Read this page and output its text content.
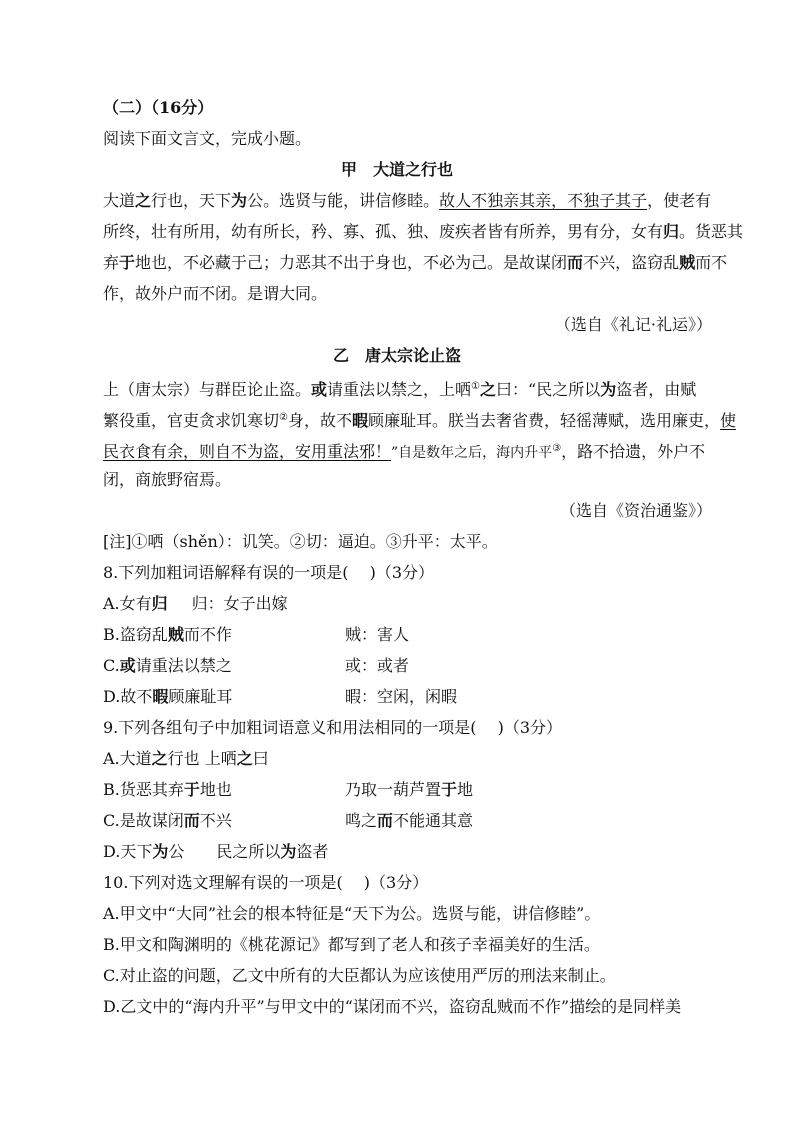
（二）（16分）
阅读下面文言文，完成小题。
甲　大道之行也
大道之行也，天下为公。选贤与能，讲信修睦。故人不独亲其亲，不独子其子，使老有
所终，壮有所用，幼有所长，矜、寡、孤、独、废疾者皆有所养，男有分，女有归。货恶其
弃于地也，不必藏于己；力恶其不出于身也，不必为己。是故谋闭而不兴，盗窃乱贼而不
作，故外户而不闭。是谓大同。
（选自《礼记·礼运》）
乙　唐太宗论止盗
上（唐太宗）与群臣论止盗。或请重法以禁之，上哂①之曰：“民之所以为盗者，由赋
繁役重，官吏贪求饥寒切②身，故不暇顾廉耻耳。朕当去奢省费，轻徭薄赋，选用廉吏，使
民衣食有余，则自不为盗，安用重法邪！”自是数年之后，海内升平③，路不拾遗，外户不
闭，商旅野宿焉。
（选自《资治通鉴》）
[注]①哂（shěn）：讥笑。②切：逼迫。③升平：太平。
8.下列加粗词语解释有误的一项是(　 )（3分）
A.女有归 归：女子出嫁
B.盗窃乱贼而不作	贼：害人
C.或请重法以禁之	或：或者
D.故不暇顾廉耻耳	暇：空闲，闲暇
9.下列各组句子中加粗词语意义和用法相同的一项是(　 )（3分）
A.大道之行也 上哂之曰
B.货恶其弃于地也	乃取一葫芦置于地
C.是故谋闭而不兴	鸣之而不能通其意
D.天下为公　　民之所以为盗者
10.下列对选文理解有误的一项是(　 )（3分）
A.甲文中“大同”社会的根本特征是“天下为公。选贤与能，讲信修睦”。
B.甲文和陶渊明的《桃花源记》都写到了老人和孩子幸福美好的生活。
C.对止盗的问题，乙文中所有的大臣都认为应该使用严厉的刑法来制止。
D.乙文中的“海内升平”与甲文中的“谋闭而不兴，盗窃乱贼而不作”描绘的是同样美
